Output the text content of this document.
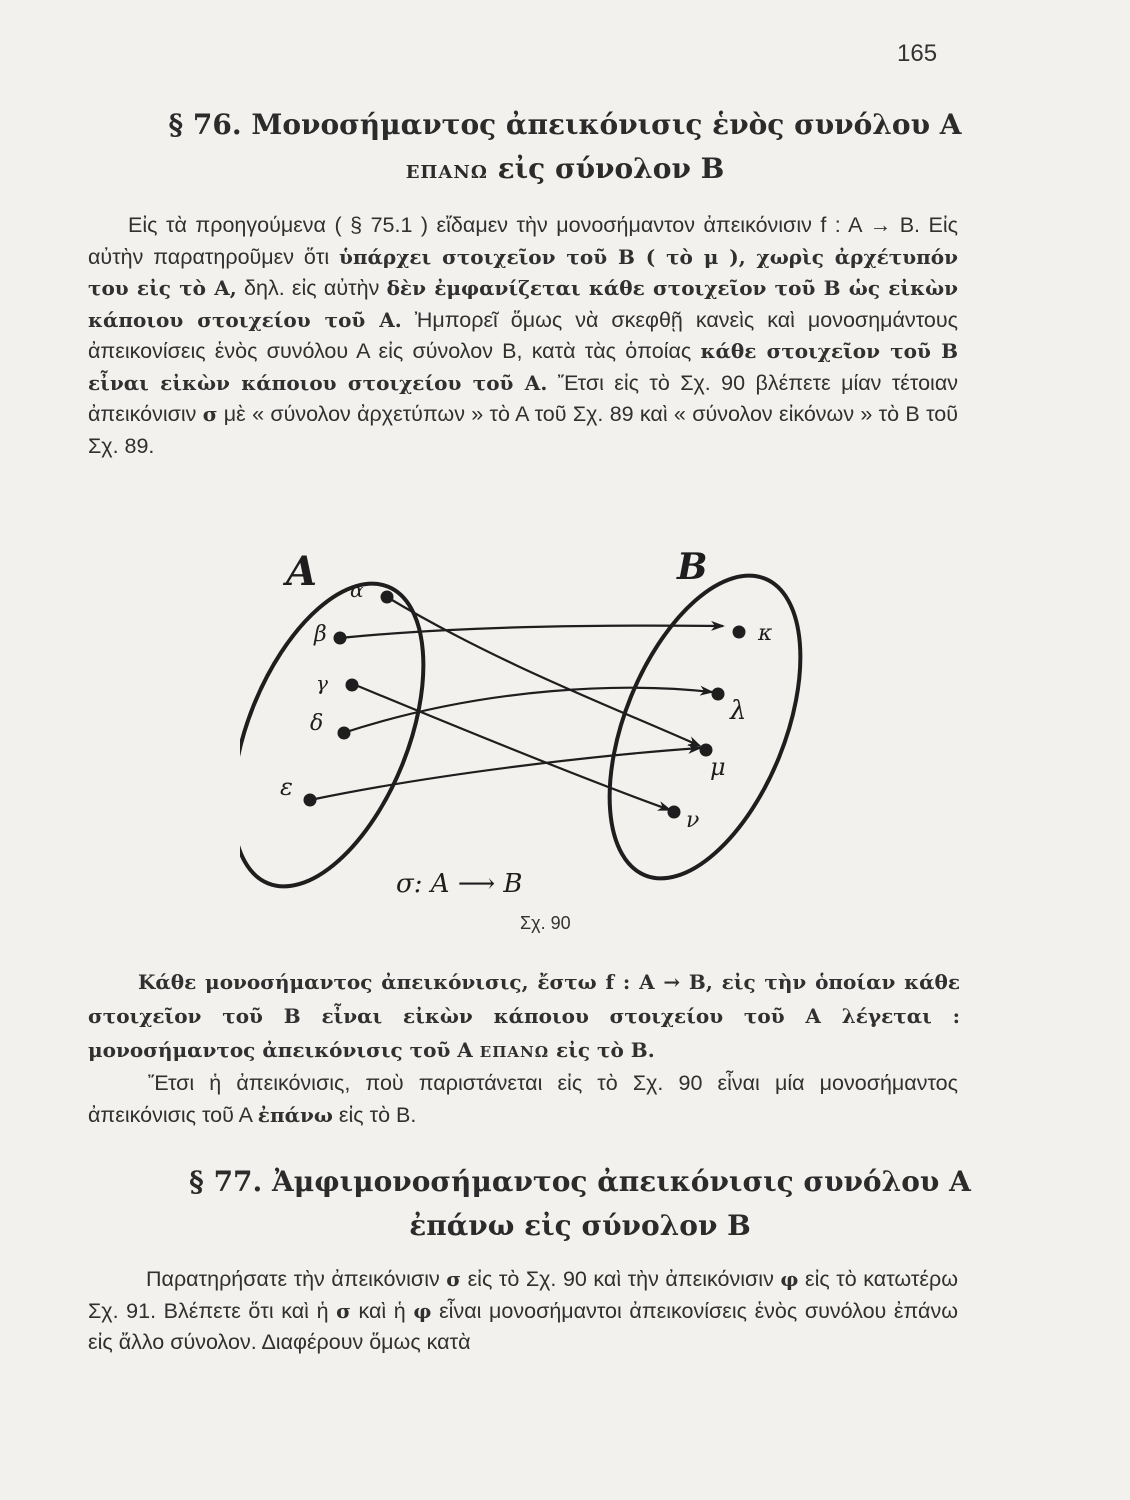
165
§ 76. Μονοσήμαντος ἀπεικόνισις ἑνὸς συνόλου Α
ΕΠΑΝΩ εἰς σύνολον Β
Εἰς τὰ προηγούμενα ( § 75.1 ) εἴδαμεν τὴν μονοσήμαντον ἀπεικόνισιν f : A → B. Εἰς αὐτὴν παρατηροῦμεν ὅτι ὑπάρχει στοιχεῖον τοῦ Β ( τὸ μ ), χωρὶς ἀρχέτυπόν του εἰς τὸ Α, δηλ. εἰς αὐτὴν δὲν ἐμφανίζεται κάθε στοιχεῖον τοῦ Β ὡς εἰκὼν κάποιου στοιχείου τοῦ Α. Ἠμπορεῖ ὅμως νὰ σκεφθῇ κανεὶς καὶ μονοσημάντους ἀπεικονίσεις ἑνὸς συνόλου Α εἰς σύνολον Β, κατὰ τὰς ὁποίας κάθε στοιχεῖον τοῦ Β εἶναι εἰκὼν κάποιου στοιχείου τοῦ Α. Ἔτσι εἰς τὸ Σχ. 90 βλέπετε μίαν τέτοιαν ἀπεικόνισιν σ μὲ « σύνολον ἀρχετύπων » τὸ Α τοῦ Σχ. 89 καὶ « σύνολον εἰκόνων » τὸ Β τοῦ Σχ. 89.
A	B
α
β
γ
δ
ε
κ
λ
μ
ν
σ: A ⟶ B
Σχ. 90
Κάθε μονοσήμαντος ἀπεικόνισις, ἔστω f : A → B, εἰς τὴν ὁποίαν κάθε στοιχεῖον τοῦ Β εἶναι εἰκὼν κάποιου στοιχείου τοῦ Α λέγεται : μονοσήμαντος ἀπεικόνισις τοῦ Α ΕΠΑΝΩ εἰς τὸ Β.
Ἔτσι ἡ ἀπεικόνισις, ποὺ παριστάνεται εἰς τὸ Σχ. 90 εἶναι μία μονοσήμαντος ἀπεικόνισις τοῦ Α ἐπάνω εἰς τὸ Β.
§ 77. Ἀμφιμονοσήμαντος ἀπεικόνισις συνόλου Α
ἐπάνω εἰς σύνολον Β
Παρατηρήσατε τὴν ἀπεικόνισιν σ εἰς τὸ Σχ. 90 καὶ τὴν ἀπεικόνισιν φ εἰς τὸ κατωτέρω Σχ. 91. Βλέπετε ὅτι καὶ ἡ σ καὶ ἡ φ εἶναι μονοσήμαντοι ἀπεικονίσεις ἑνὸς συνόλου ἐπάνω εἰς ἄλλο σύνολον. Διαφέρουν ὅμως κατὰ
